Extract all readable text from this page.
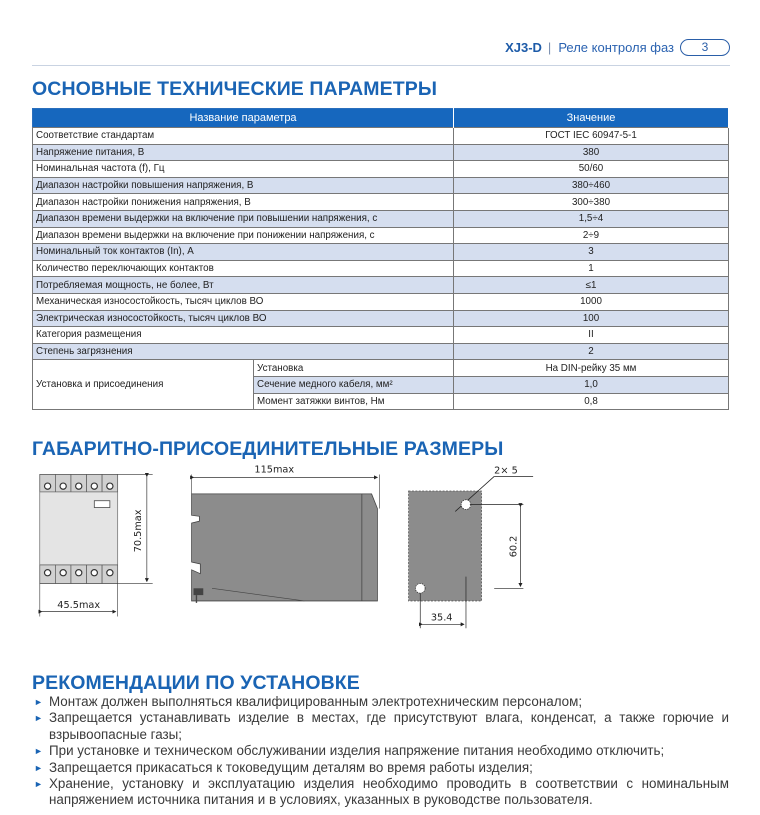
XJ3-D | Реле контроля фаз	3
ОСНОВНЫЕ ТЕХНИЧЕСКИЕ ПАРАМЕТРЫ
Название параметра		Значение
Соответствие стандартам		ГОСТ IEC 60947-5-1
Напряжение питания, В		380
Номинальная частота (f), Гц		50/60
Диапазон настройки повышения напряжения, В		380÷460
Диапазон настройки понижения напряжения, В		300÷380
Диапазон времени выдержки на включение при повышении напряжения, с		1,5÷4
Диапазон времени выдержки на включение при понижении напряжения, с		2÷9
Номинальный ток контактов (In), А		3
Количество переключающих контактов		1
Потребляемая мощность, не более, Вт		≤1
Механическая износостойкость, тысяч циклов ВО		1000
Электрическая износостойкость, тысяч циклов ВО		100
Категория размещения		II
Степень загрязнения		2
Установка и присоединения	Установка	На DIN-рейку 35 мм
	Сечение медного кабеля, мм²	1,0
	Момент затяжки винтов, Нм	0,8
ГАБАРИТНО-ПРИСОЕДИНИТЕЛЬНЫЕ РАЗМЕРЫ
70.5max
45.5max
115max	2× 5
60.2
35.4
РЕКОМЕНДАЦИИ ПО УСТАНОВКЕ
► Монтаж должен выполняться квалифицированным электротехническим персоналом;
► Запрещается устанавливать изделие в местах, где присутствуют влага, конденсат, а также горючие и взрывоопасные газы;
► При установке и техническом обслуживании изделия напряжение питания необходимо отключить;
► Запрещается прикасаться к токоведущим деталям во время работы изделия;
► Хранение, установку и эксплуатацию изделия необходимо проводить в соответствии с номинальным напряжением источника питания и в условиях, указанных в руководстве пользователя.
